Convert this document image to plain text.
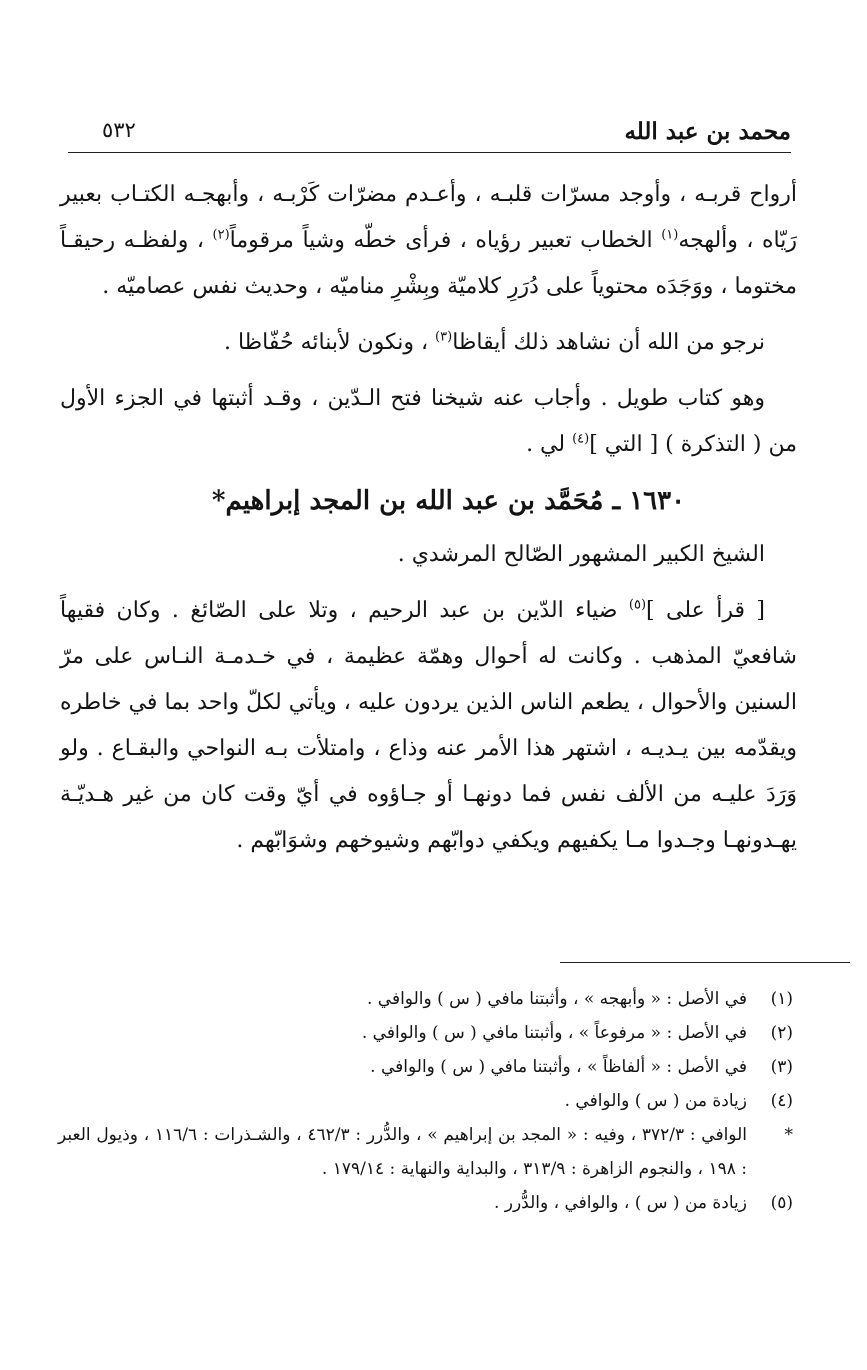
محمد بن عبد الله
٥٣٢

أرواح قربـه ، وأوجد مسرّات قلبـه ، وأعـدم مضرّات كَرْبـه ، وأبهجـه الكتـاب بعبير رَيّاه ، وألهجه$^{(١)}$ الخطاب تعبير رؤياه ، فرأى خطّه وشياً مرقوماً$^{(٢)}$ ، ولفظـه رحيقـاً مختوما ، ووَجَدَه محتوياً على دُرَرِ كلاميّة وبِشْرِ مناميّه ، وحديث نفس عصاميّه .

نرجو من الله أن نشاهد ذلك أيقاظا$^{(٣)}$ ، ونكون لأبنائه حُفّاظا .

وهو كتاب طويل . وأجاب عنه شيخنا فتح الـدّين ، وقـد أثبتها في الجزء الأول من ( التذكرة ) [ التي ]$^{(٤)}$ لي .

١٦٣٠ ـ مُحَمَّد بن عبد الله بن المجد إبراهيم*

الشيخ الكبير المشهور الصّالح المرشدي .

[ قرأ على ]$^{(٥)}$ ضياء الدّين بن عبد الرحيم ، وتلا على الصّائغ . وكان فقيهاً شافعيّ المذهب . وكانت له أحوال وهمّة عظيمة ، في خـدمـة النـاس على مرّ السنين والأحوال ، يطعم الناس الذين يردون عليه ، ويأتي لكلّ واحد بما في خاطره ويقدّمه بين يـديـه ، اشتهر هذا الأمر عنه وذاع ، وامتلأت بـه النواحي والبقـاع . ولو وَرَدَ عليـه من الألف نفس فما دونهـا أو جـاؤوه في أيّ وقت كان من غير هـديّـة يهـدونهـا وجـدوا مـا يكفيهم ويكفي دوابّهم وشيوخهم وشوَابّهم .

(١)
في الأصل : « وأبهجه » ، وأثبتنا مافي ( س ) والوافي .
(٢)
في الأصل : « مرفوعاً » ، وأثبتنا مافي ( س ) والوافي .
(٣)
في الأصل : « ألفاظاً » ، وأثبتنا مافي ( س ) والوافي .
(٤)
زيادة من ( س ) والوافي .
*
الوافي : ٣٧٢/٣ ، وفيه : « المجد بن إبراهيم » ، والدُّرر : ٤٦٢/٣ ، والشـذرات : ١١٦/٦ ، وذيول العبر : ١٩٨ ، والنجوم الزاهرة : ٣١٣/٩ ، والبداية والنهاية : ١٧٩/١٤ .
(٥)
زيادة من ( س ) ، والوافي ، والدُّرر .
